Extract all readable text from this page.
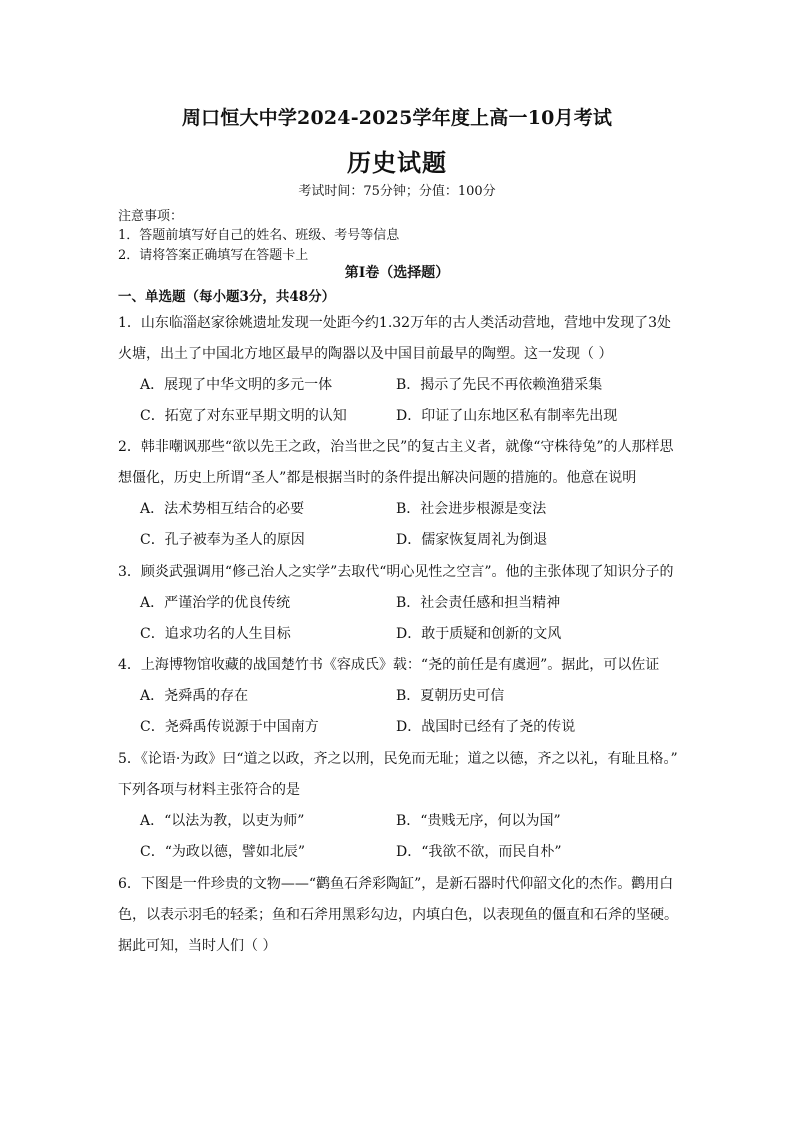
周口恒大中学2024-2025学年度上高一10月考试
历史试题
考试时间：75分钟；分值：100分
注意事项：
1．答题前填写好自己的姓名、班级、考号等信息
2．请将答案正确填写在答题卡上
第I卷（选择题）
一、单选题（每小题3分，共48分）
1．山东临淄赵家徐姚遗址发现一处距今约1.32万年的古人类活动营地，营地中发现了3处
火塘，出土了中国北方地区最早的陶器以及中国目前最早的陶塑。这一发现（ ）
A．展现了中华文明的多元一体	B．揭示了先民不再依赖渔猎采集
C．拓宽了对东亚早期文明的认知	D．印证了山东地区私有制率先出现
2．韩非嘲讽那些“欲以先王之政，治当世之民”的复古主义者，就像“守株待兔”的人那样思
想僵化，历史上所谓“圣人”都是根据当时的条件提出解决问题的措施的。他意在说明
A．法术势相互结合的必要	B．社会进步根源是变法
C．孔子被奉为圣人的原因	D．儒家恢复周礼为倒退
3．顾炎武强调用“修己治人之实学”去取代“明心见性之空言”。他的主张体现了知识分子的
A．严谨治学的优良传统	B．社会责任感和担当精神
C．追求功名的人生目标	D．敢于质疑和创新的文风
4．上海博物馆收藏的战国楚竹书《容成氏》载：“尧的前任是有虞迵”。据此，可以佐证
A．尧舜禹的存在	B．夏朝历史可信
C．尧舜禹传说源于中国南方	D．战国时已经有了尧的传说
5．《论语·为政》曰“道之以政，齐之以刑，民免而无耻；道之以德，齐之以礼，有耻且格。”
下列各项与材料主张符合的是
A．“以法为教，以吏为师”	B．“贵贱无序，何以为国”
C．“为政以德，譬如北辰”	D．“我欲不欲，而民自朴”
6．下图是一件珍贵的文物——“鹳鱼石斧彩陶缸”，是新石器时代仰韶文化的杰作。鹳用白
色，以表示羽毛的轻柔；鱼和石斧用黑彩勾边，内填白色，以表现鱼的僵直和石斧的坚硬。
据此可知，当时人们（ ）
